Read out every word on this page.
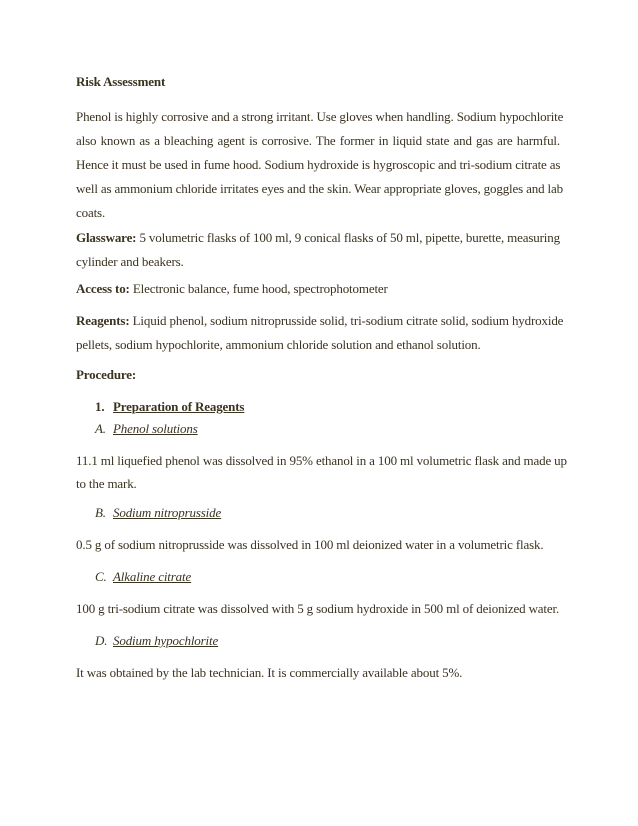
Risk Assessment
Phenol is highly corrosive and a strong irritant. Use gloves when handling. Sodium hypochlorite
also known as a bleaching agent is corrosive. The former in liquid state and gas are harmful.
Hence it must be used in fume hood. Sodium hydroxide is hygroscopic and tri-sodium citrate as
well as ammonium chloride irritates eyes and the skin. Wear appropriate gloves, goggles and lab
coats.
Glassware: 5 volumetric flasks of 100 ml, 9 conical flasks of 50 ml, pipette, burette, measuring
cylinder and beakers.
Access to: Electronic balance, fume hood, spectrophotometer
Reagents: Liquid phenol, sodium nitroprusside solid, tri-sodium citrate solid, sodium hydroxide
pellets, sodium hypochlorite, ammonium chloride solution and ethanol solution.
Procedure:
1. Preparation of Reagents
A. Phenol solutions
11.1 ml liquefied phenol was dissolved in 95% ethanol in a 100 ml volumetric flask and made up
to the mark.
B. Sodium nitroprusside
0.5 g of sodium nitroprusside was dissolved in 100 ml deionized water in a volumetric flask.
C. Alkaline citrate
100 g tri-sodium citrate was dissolved with 5 g sodium hydroxide in 500 ml of deionized water.
D. Sodium hypochlorite
It was obtained by the lab technician. It is commercially available about 5%.
